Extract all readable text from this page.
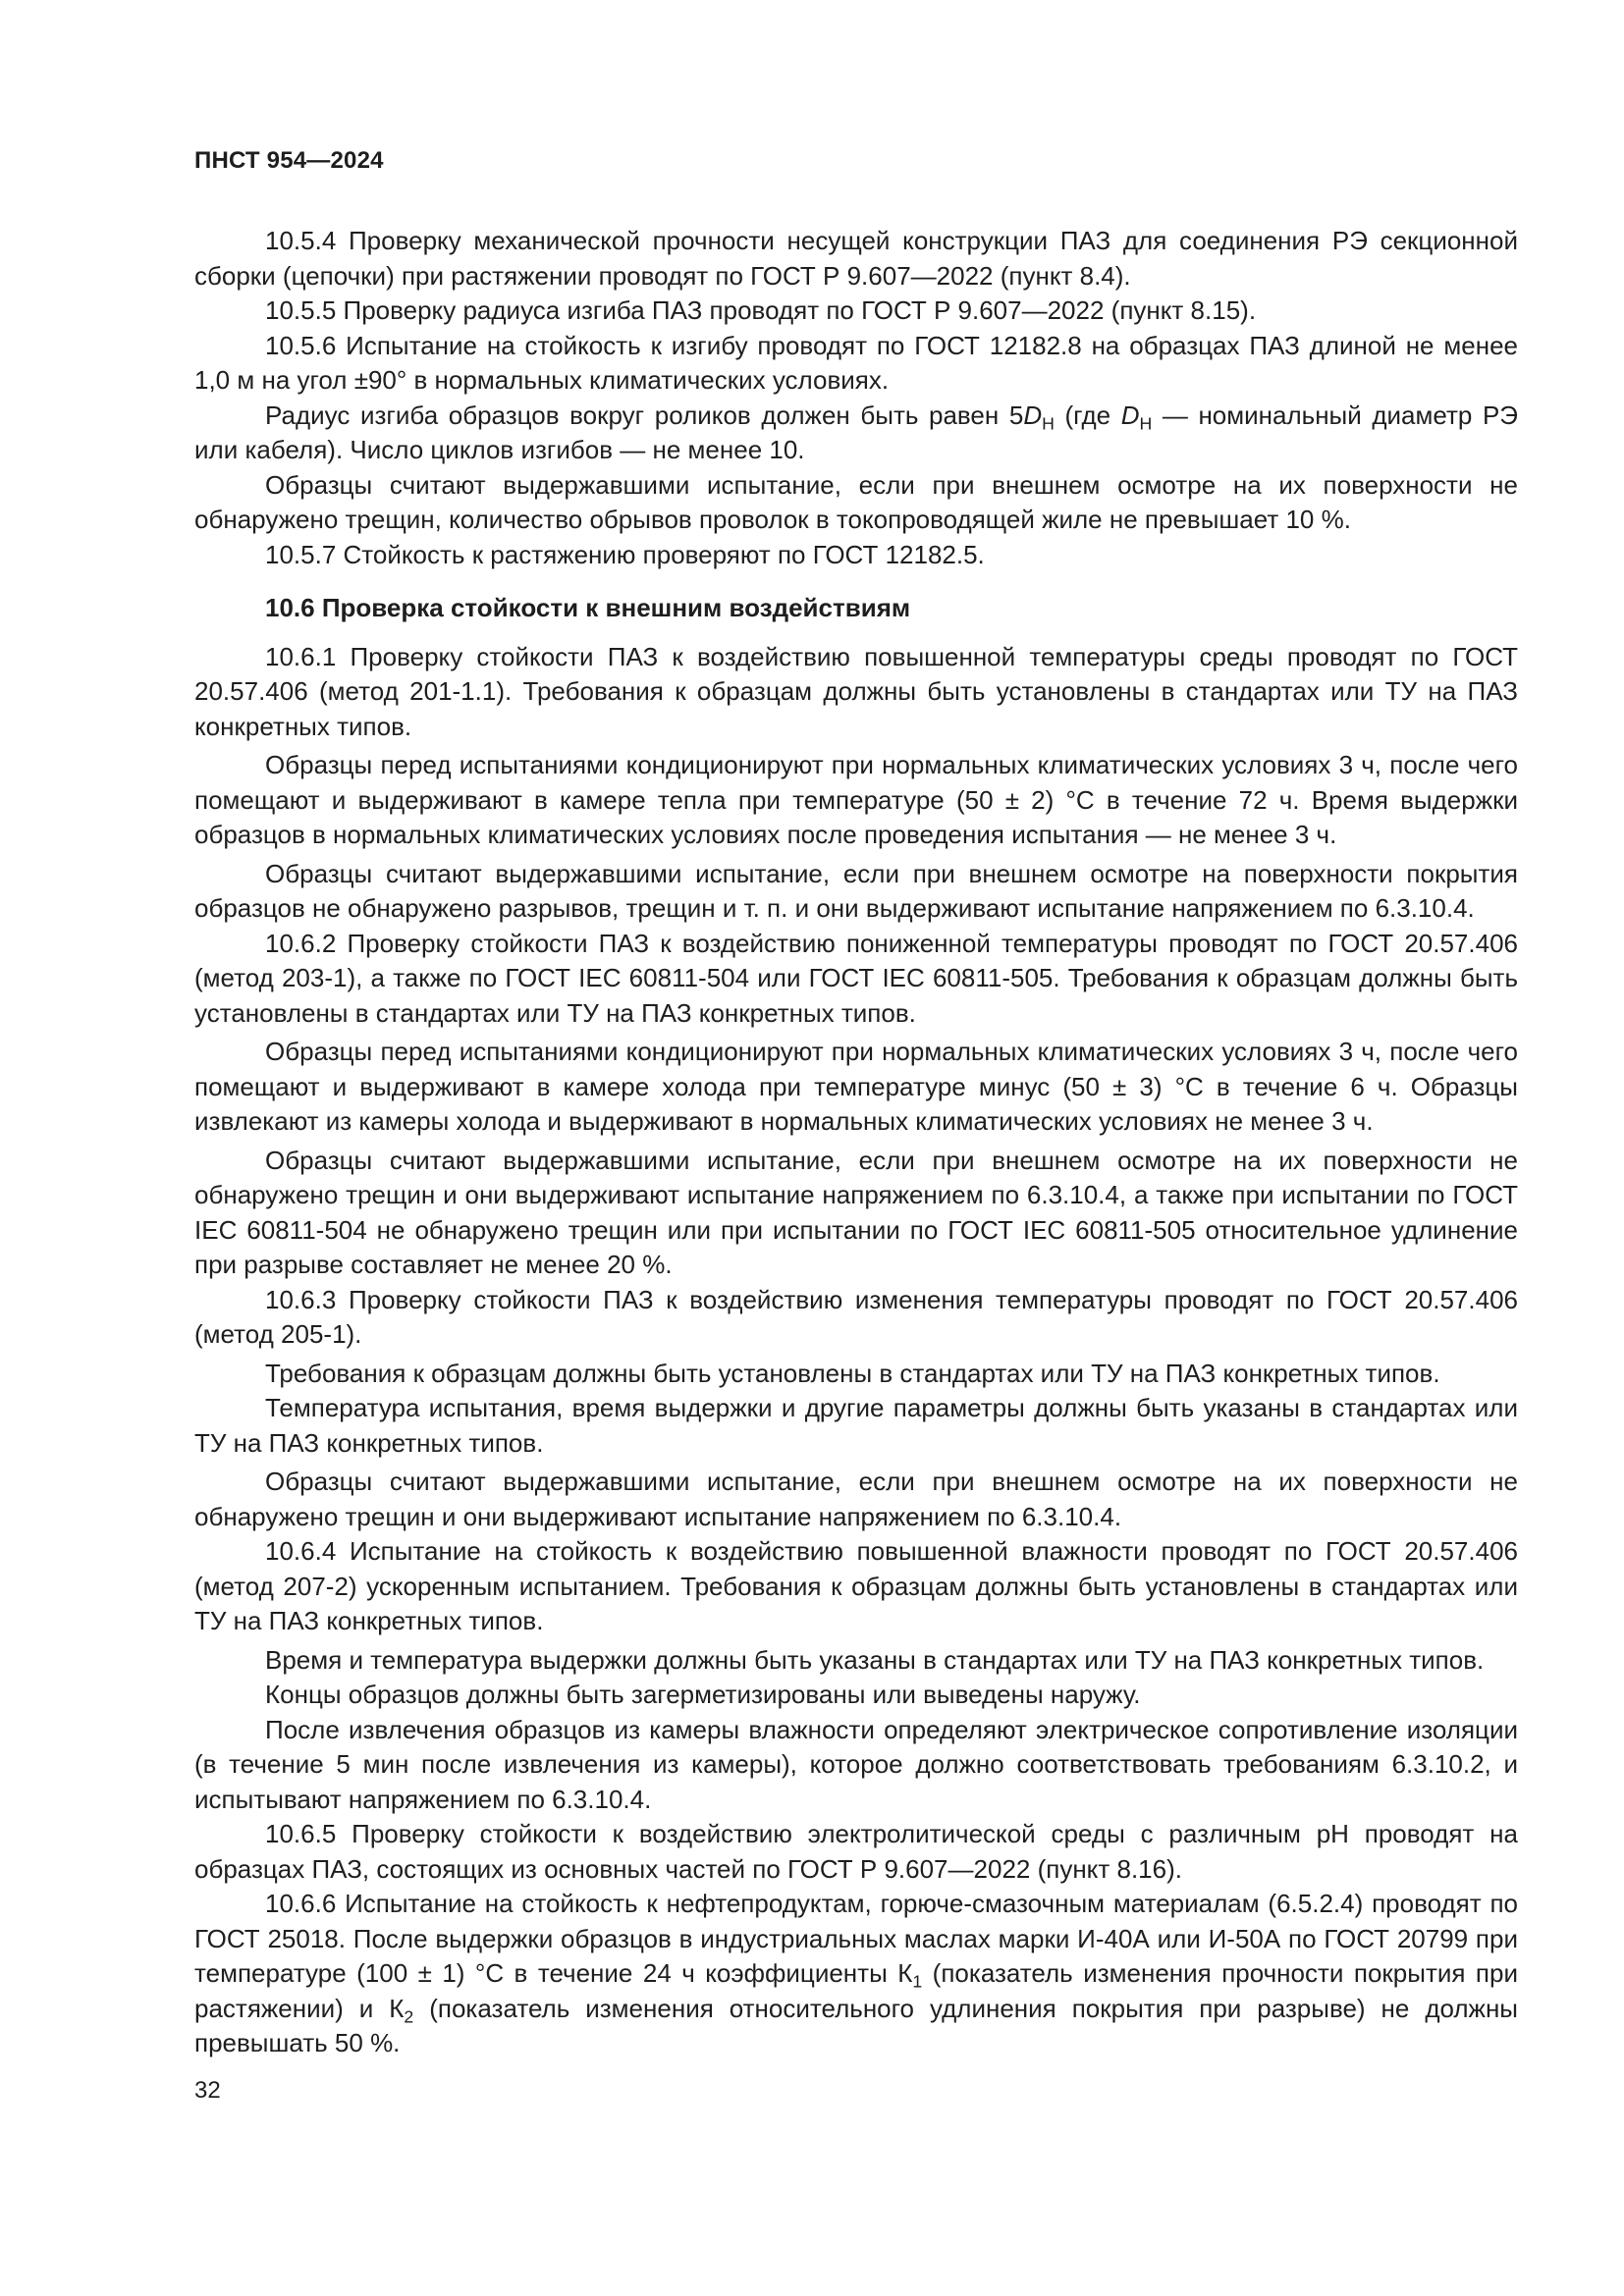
ПНСТ 954—2024

10.5.4 Проверку механической прочности несущей конструкции ПАЗ для соединения РЭ секционной сборки (цепочки) при растяжении проводят по ГОСТ Р 9.607—2022 (пункт 8.4).

10.5.5 Проверку радиуса изгиба ПАЗ проводят по ГОСТ Р 9.607—2022 (пункт 8.15).

10.5.6 Испытание на стойкость к изгибу проводят по ГОСТ 12182.8 на образцах ПАЗ длиной не менее 1,0 м на угол ±90° в нормальных климатических условиях.

Радиус изгиба образцов вокруг роликов должен быть равен $5D_Н$ (где $D_Н$ — номинальный диаметр РЭ или кабеля). Число циклов изгибов — не менее 10.

Образцы считают выдержавшими испытание, если при внешнем осмотре на их поверхности не обнаружено трещин, количество обрывов проволок в токопроводящей жиле не превышает 10 %.

10.5.7 Стойкость к растяжению проверяют по ГОСТ 12182.5.

10.6 Проверка стойкости к внешним воздействиям

10.6.1 Проверку стойкости ПАЗ к воздействию повышенной температуры среды проводят по ГОСТ 20.57.406 (метод 201-1.1). Требования к образцам должны быть установлены в стандартах или ТУ на ПАЗ конкретных типов.

Образцы перед испытаниями кондиционируют при нормальных климатических условиях 3 ч, после чего помещают и выдерживают в камере тепла при температуре (50 ± 2) °С в течение 72 ч. Время выдержки образцов в нормальных климатических условиях после проведения испытания — не менее 3 ч.

Образцы считают выдержавшими испытание, если при внешнем осмотре на поверхности покрытия образцов не обнаружено разрывов, трещин и т. п. и они выдерживают испытание напряжением по 6.3.10.4.

10.6.2 Проверку стойкости ПАЗ к воздействию пониженной температуры проводят по ГОСТ 20.57.406 (метод 203-1), а также по ГОСТ IEC 60811-504 или ГОСТ IEC 60811-505. Требования к образцам должны быть установлены в стандартах или ТУ на ПАЗ конкретных типов.

Образцы перед испытаниями кондиционируют при нормальных климатических условиях 3 ч, после чего помещают и выдерживают в камере холода при температуре минус (50 ± 3) °С в течение 6 ч. Образцы извлекают из камеры холода и выдерживают в нормальных климатических условиях не менее 3 ч.

Образцы считают выдержавшими испытание, если при внешнем осмотре на их поверхности не обнаружено трещин и они выдерживают испытание напряжением по 6.3.10.4, а также при испытании по ГОСТ IEC 60811-504 не обнаружено трещин или при испытании по ГОСТ IEC 60811-505 относительное удлинение при разрыве составляет не менее 20 %.

10.6.3 Проверку стойкости ПАЗ к воздействию изменения температуры проводят по ГОСТ 20.57.406 (метод 205-1).

Требования к образцам должны быть установлены в стандартах или ТУ на ПАЗ конкретных типов.

Температура испытания, время выдержки и другие параметры должны быть указаны в стандартах или ТУ на ПАЗ конкретных типов.

Образцы считают выдержавшими испытание, если при внешнем осмотре на их поверхности не обнаружено трещин и они выдерживают испытание напряжением по 6.3.10.4.

10.6.4 Испытание на стойкость к воздействию повышенной влажности проводят по ГОСТ 20.57.406 (метод 207-2) ускоренным испытанием. Требования к образцам должны быть установлены в стандартах или ТУ на ПАЗ конкретных типов.

Время и температура выдержки должны быть указаны в стандартах или ТУ на ПАЗ конкретных типов.

Концы образцов должны быть загерметизированы или выведены наружу.

После извлечения образцов из камеры влажности определяют электрическое сопротивление изоляции (в течение 5 мин после извлечения из камеры), которое должно соответствовать требованиям 6.3.10.2, и испытывают напряжением по 6.3.10.4.

10.6.5 Проверку стойкости к воздействию электролитической среды с различным pH проводят на образцах ПАЗ, состоящих из основных частей по ГОСТ Р 9.607—2022 (пункт 8.16).

10.6.6 Испытание на стойкость к нефтепродуктам, горюче-смазочным материалам (6.5.2.4) проводят по ГОСТ 25018. После выдержки образцов в индустриальных маслах марки И-40А или И-50А по ГОСТ 20799 при температуре (100 ± 1) °С в течение 24 ч коэффициенты $К_1$ (показатель изменения прочности покрытия при растяжении) и $К_2$ (показатель изменения относительного удлинения покрытия при разрыве) не должны превышать 50 %.

32
